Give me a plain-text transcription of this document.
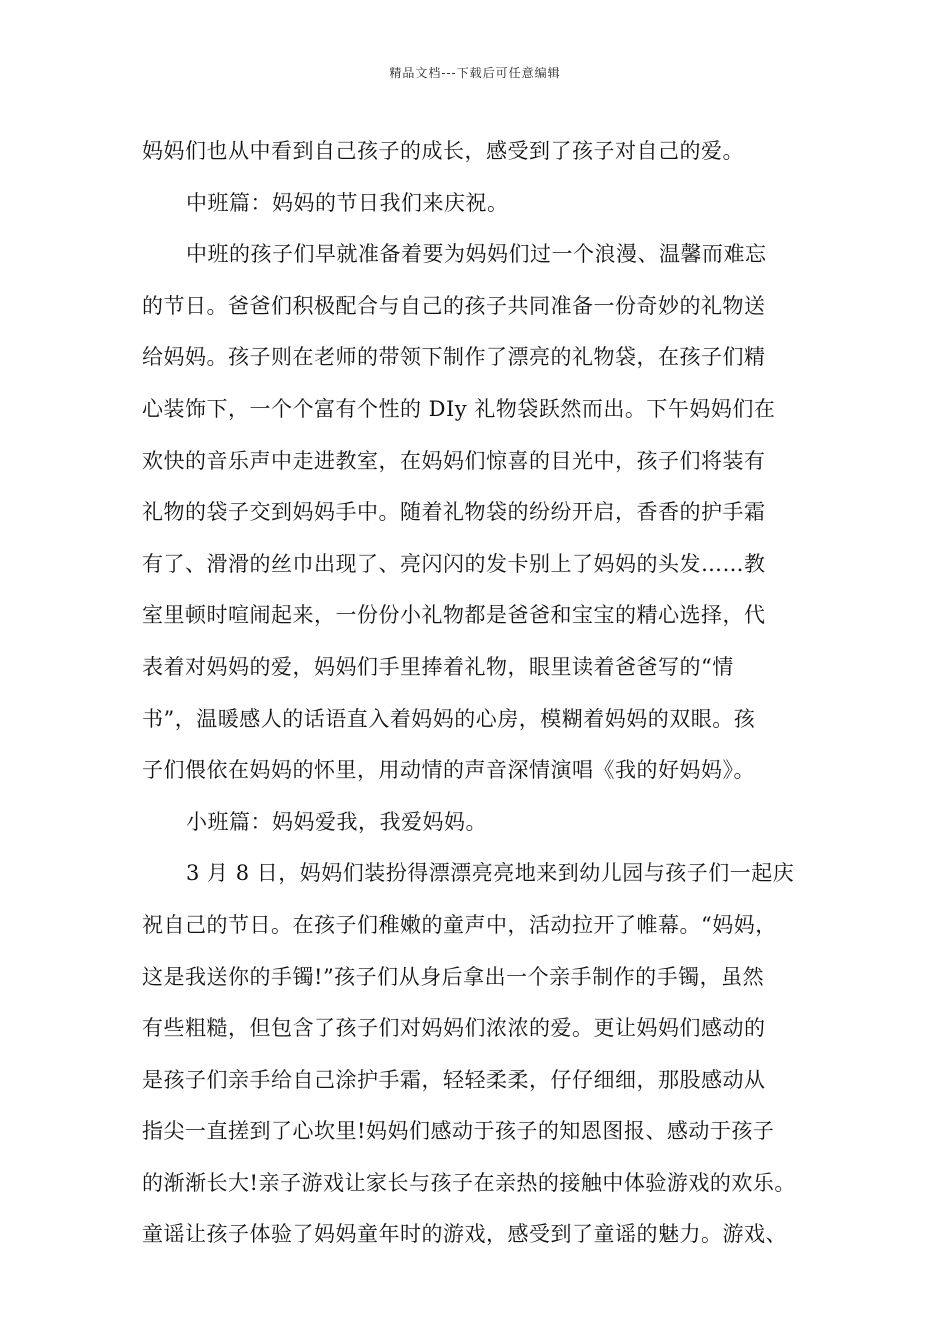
精品文档---下载后可任意编辑
妈妈们也从中看到自己孩子的成长，感受到了孩子对自己的爱。
中班篇：妈妈的节日我们来庆祝。
中班的孩子们早就准备着要为妈妈们过一个浪漫、温馨而难忘
的节日。爸爸们积极配合与自己的孩子共同准备一份奇妙的礼物送
给妈妈。孩子则在老师的带领下制作了漂亮的礼物袋，在孩子们精
心装饰下，一个个富有个性的 DIy 礼物袋跃然而出。下午妈妈们在
欢快的音乐声中走进教室，在妈妈们惊喜的目光中，孩子们将装有
礼物的袋子交到妈妈手中。随着礼物袋的纷纷开启，香香的护手霜
有了、滑滑的丝巾出现了、亮闪闪的发卡别上了妈妈的头发……教
室里顿时喧闹起来，一份份小礼物都是爸爸和宝宝的精心选择，代
表着对妈妈的爱，妈妈们手里捧着礼物，眼里读着爸爸写的“情
书”，温暖感人的话语直入着妈妈的心房，模糊着妈妈的双眼。孩
子们偎依在妈妈的怀里，用动情的声音深情演唱《我的好妈妈》。
小班篇：妈妈爱我，我爱妈妈。
3 月 8 日，妈妈们装扮得漂漂亮亮地来到幼儿园与孩子们一起庆
祝自己的节日。在孩子们稚嫩的童声中，活动拉开了帷幕。“妈妈，
这是我送你的手镯!”孩子们从身后拿出一个亲手制作的手镯，虽然
有些粗糙，但包含了孩子们对妈妈们浓浓的爱。更让妈妈们感动的
是孩子们亲手给自己涂护手霜，轻轻柔柔，仔仔细细，那股感动从
指尖一直搓到了心坎里!妈妈们感动于孩子的知恩图报、感动于孩子
的渐渐长大!亲子游戏让家长与孩子在亲热的接触中体验游戏的欢乐。
童谣让孩子体验了妈妈童年时的游戏，感受到了童谣的魅力。游戏、
